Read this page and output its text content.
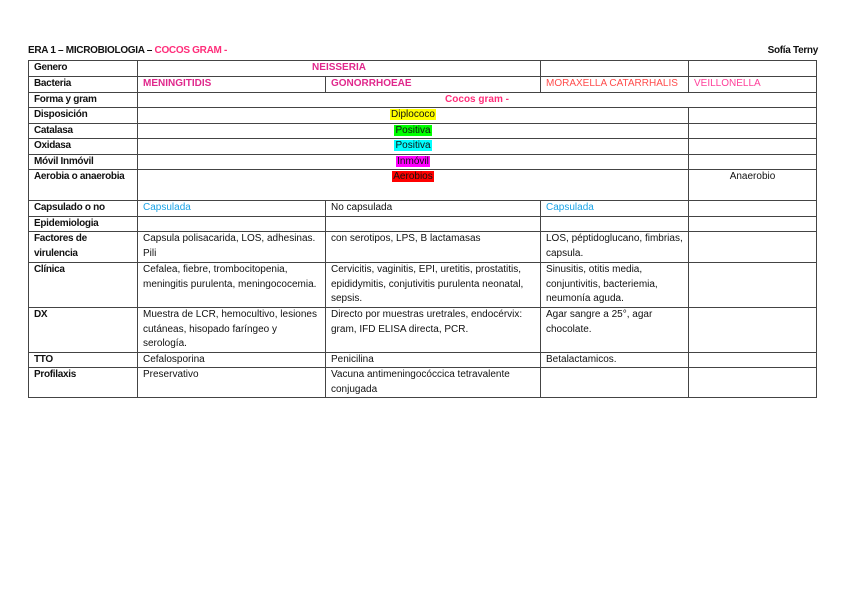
ERA 1 – MICROBIOLOGIA – COCOS GRAM -	Sofía Terny
Genero	NEISSERIA			
Bacteria	MENINGITIDIS	GONORRHOEAE	MORAXELLA CATARRHALIS	VEILLONELLA
Forma y gram	Cocos gram -			
Disposición	Diplococo			
Catalasa	Positiva			
Oxidasa	Positiva			
Móvil Inmóvil	Inmóvil			
Aerobia o anaerobia	Aerobios			Anaerobio
Capsulado o no	Capsulada	No capsulada	Capsulada	
Epidemiologia				
Factores de virulencia	Capsula polisacarida, LOS, adhesinas. Pili	con serotipos, LPS, B lactamasas	LOS, péptidoglucano, fimbrias, capsula.	
Clínica	Cefalea, fiebre, trombocitopenia, meningitis purulenta, meningococemia.	Cervicitis, vaginitis, EPI, uretitis, prostatitis, epididymitis, conjutivitis purulenta neonatal, sepsis.	Sinusitis, otitis media, conjuntivitis, bacteriemia, neumonía aguda.	
DX	Muestra de LCR, hemocultivo, lesiones cutáneas, hisopado faríngeo y serología.	Directo por muestras uretrales, endocérvix: gram, IFD ELISA directa, PCR.	Agar sangre a 25°, agar chocolate.	
TTO	Cefalosporina	Penicilina	Betalactamicos.	
Profilaxis	Preservativo	Vacuna antimeningocóccica tetravalente conjugada		
